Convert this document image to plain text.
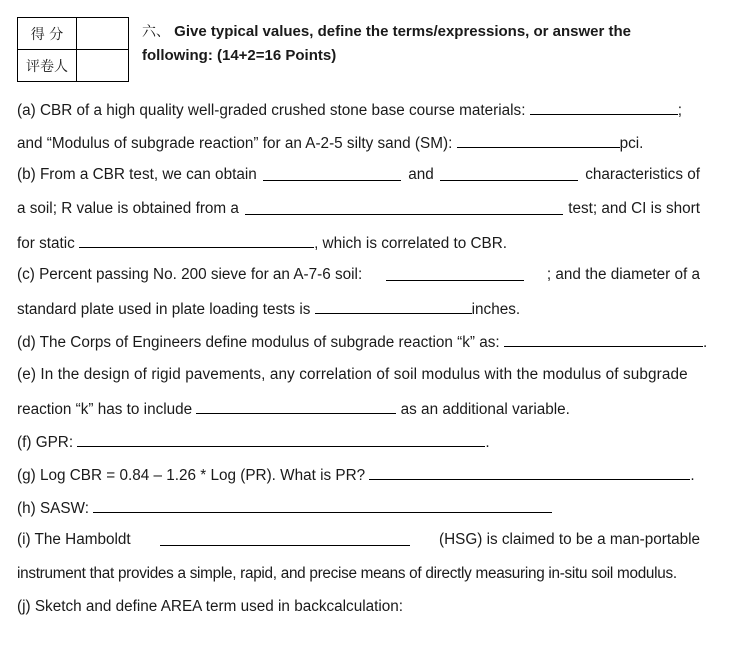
得 分	
评卷人	
六、 Give typical values, define the terms/expressions, or answer the
following: (14+2=16 Points)
(a) CBR of a high quality well-graded crushed stone base course materials:	;
and “Modulus of subgrade reaction” for an A-2-5 silty sand (SM):	pci.
(b) From a CBR test, we can obtain	and	characteristics of
a soil; R value is obtained from a	test; and CI is short
for static	, which is correlated to CBR.
(c) Percent passing No. 200 sieve for an A-7-6 soil:	; and the diameter of a
standard plate used in plate loading tests is	inches.
(d) The Corps of Engineers define modulus of subgrade reaction “k” as:	.
(e) In the design of rigid pavements, any correlation of soil modulus with the modulus of subgrade
reaction “k” has to include	as an additional variable.
(f) GPR:	.
(g) Log CBR = 0.84 – 1.26 * Log (PR). What is PR?	.
(h) SASW:
(i) The Hamboldt	(HSG) is claimed to be a man-portable
instrument that provides a simple, rapid, and precise means of directly measuring in-situ soil modulus.
(j) Sketch and define AREA term used in backcalculation:
